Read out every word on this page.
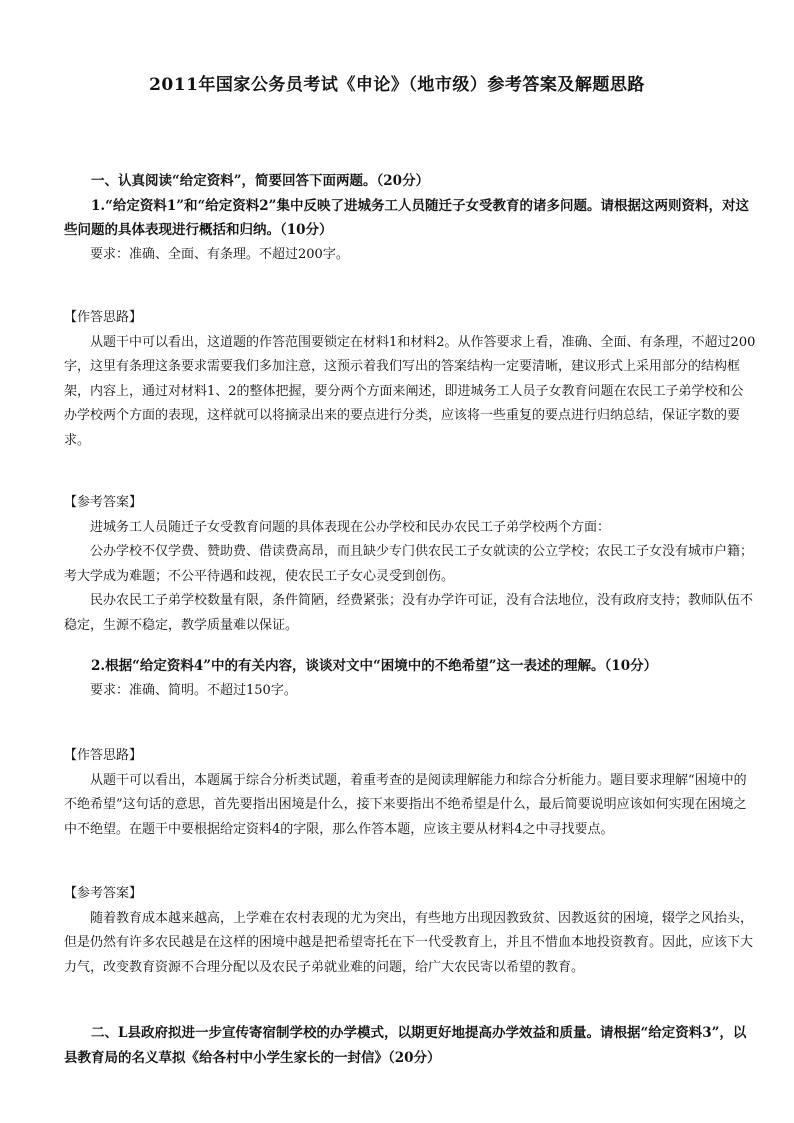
2011年国家公务员考试《申论》（地市级）参考答案及解题思路

一、认真阅读“给定资料”，简要回答下面两题。（20分）

1.“给定资料1”和“给定资料2”集中反映了进城务工人员随迁子女受教育的诸多问题。请根据这两则资料，对这些问题的具体表现进行概括和归纳。（10分）

要求：准确、全面、有条理。不超过200字。

【作答思路】

从题干中可以看出，这道题的作答范围要锁定在材料1和材料2。从作答要求上看，准确、全面、有条理，不超过200字，这里有条理这条要求需要我们多加注意，这预示着我们写出的答案结构一定要清晰，建议形式上采用部分的结构框架，内容上，通过对材料1、2的整体把握，要分两个方面来阐述，即进城务工人员子女教育问题在农民工子弟学校和公办学校两个方面的表现，这样就可以将摘录出来的要点进行分类，应该将一些重复的要点进行归纳总结，保证字数的要求。

【参考答案】

进城务工人员随迁子女受教育问题的具体表现在公办学校和民办农民工子弟学校两个方面：

公办学校不仅学费、赞助费、借读费高昂，而且缺少专门供农民工子女就读的公立学校；农民工子女没有城市户籍；考大学成为难题；不公平待遇和歧视，使农民工子女心灵受到创伤。

民办农民工子弟学校数量有限，条件简陋，经费紧张；没有办学许可证，没有合法地位，没有政府支持；教师队伍不稳定，生源不稳定，教学质量难以保证。

2.根据“给定资料4”中的有关内容，谈谈对文中“困境中的不绝希望”这一表述的理解。（10分）

要求：准确、简明。不超过150字。

【作答思路】

从题干可以看出，本题属于综合分析类试题，着重考查的是阅读理解能力和综合分析能力。题目要求理解“困境中的不绝希望”这句话的意思，首先要指出困境是什么，接下来要指出不绝希望是什么，最后简要说明应该如何实现在困境之中不绝望。在题干中要根据给定资料4的字限，那么作答本题，应该主要从材料4之中寻找要点。

【参考答案】

随着教育成本越来越高，上学难在农村表现的尤为突出，有些地方出现因教致贫、因教返贫的困境，辍学之风抬头，但是仍然有许多农民越是在这样的困境中越是把希望寄托在下一代受教育上，并且不惜血本地投资教育。因此，应该下大力气，改变教育资源不合理分配以及农民子弟就业难的问题，给广大农民寄以希望的教育。

二、L县政府拟进一步宣传寄宿制学校的办学模式，以期更好地提高办学效益和质量。请根据“给定资料3”，以县教育局的名义草拟《给各村中小学生家长的一封信》（20分）
